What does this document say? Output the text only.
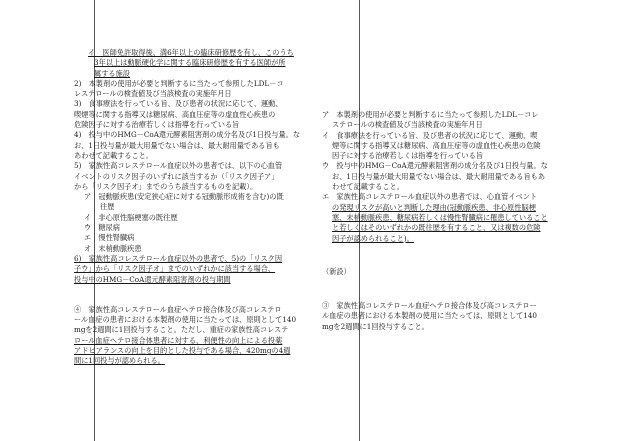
イ　医師免許取得後、満6年以上の臨床研修歴を有し、このうち
3年以上は動脈硬化学に関する臨床研修歴を有する医師が所
属する施設
2)　本製剤の使用が必要と判断するに当たって参照したLDL－コ
レステロールの検査値及び当該検査の実施年月日
3)　食事療法を行っている旨、及び患者の状況に応じて、運動、
喫煙等に関する指導又は糖尿病、高血圧症等の虚血性心疾患の
危険因子に対する治療若しくは指導を行っている旨
4)　投与中のHMG－CoA還元酵素阻害剤の成分名及び1日投与量。な
お、1日投与量が最大用量でない場合は、最大耐用量である旨も
あわせて記載すること。
5)　家族性高コレステロール血症以外の患者では、以下の心血管
イベントのリスク因子のいずれに該当するか（「リスク因子ア」
から「リスク因子オ」までのうち該当するものを記載）。
ア　冠動脈疾患(安定狭心症に対する冠動脈形成術を含む)の既
往歴
イ　非心原性脳梗塞の既往歴
ウ　糖尿病
エ　慢性腎臓病
オ　末梢動脈疾患
6)　家族性高コレステロール血症以外の患者で、5)の「リスク因
子ウ」から「リスク因子オ」までのいずれかに該当する場合、
投与中のHMG－CoA還元酵素阻害剤の投与期間
④　家族性高コレステロール血症ヘテロ接合体及び高コレステロ
ール血症の患者における本製剤の使用に当たっては、原則として140
mgを2週間に1回投与すること。ただし、重症の家族性高コレステ
ロール血症ヘテロ接合体患者に対する、利便性の向上による投薬
アドヒアランスの向上を目的とした投与である場合、420mgの4週
間に1回投与が認められる。
ア　本製剤の使用が必要と判断するに当たって参照したLDL－コレ
ステロールの検査値及び当該検査の実施年月日
イ　食事療法を行っている旨、及び患者の状況に応じて、運動、喫
煙等に関する指導又は糖尿病、高血圧症等の虚血性心疾患の危険
因子に対する治療若しくは指導を行っている旨
ウ　投与中のHMG－CoA還元酵素阻害剤の成分名及び1日投与量。な
お、1日投与量が最大用量でない場合は、最大耐用量である旨もあ
わせて記載すること。
エ　家族性高コレステロール血症以外の患者では、心血管イベント
の発現リスクが高いと判断した理由(冠動脈疾患、非心原性脳梗
塞、末梢動脈疾患、糖尿病若しくは慢性腎臓病に罹患していること
と若しくはそのいずれかの既往歴を有すること、又は複数の危険
因子が認められること)。
（新設）
③　家族性高コレステロール血症ヘテロ接合体及び高コレステロー
ル血症の患者における本製剤の使用に当たっては、原則として140
mgを2週間に1回投与すること。
